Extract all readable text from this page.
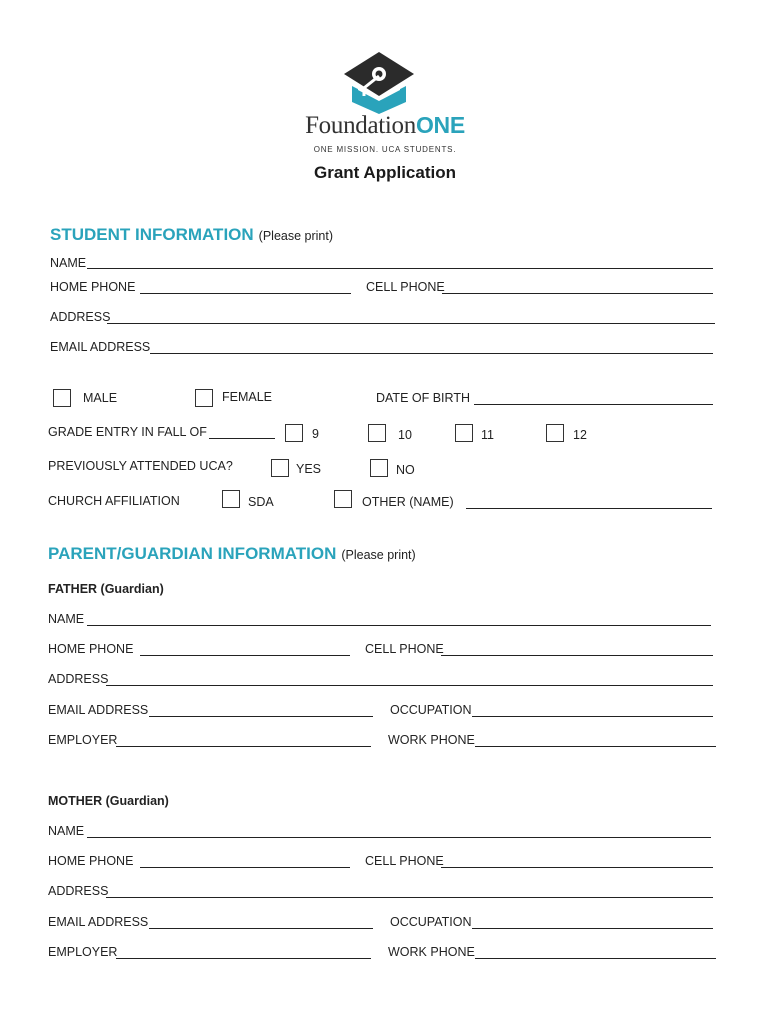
FoundationONE
ONE MISSION. UCA STUDENTS.
Grant Application
STUDENT INFORMATION (Please print)
NAME
HOME PHONE	CELL PHONE
ADDRESS
EMAIL ADDRESS
MALE	FEMALE	DATE OF BIRTH
GRADE ENTRY IN FALL OF	9	10	11	12
PREVIOUSLY ATTENDED UCA?	YES	NO
CHURCH AFFILIATION	SDA	OTHER (NAME)
PARENT/GUARDIAN INFORMATION (Please print)
FATHER (Guardian)
NAME
HOME PHONE	CELL PHONE
ADDRESS
EMAIL ADDRESS	OCCUPATION
EMPLOYER	WORK PHONE
MOTHER (Guardian)
NAME
HOME PHONE	CELL PHONE
ADDRESS
EMAIL ADDRESS	OCCUPATION
EMPLOYER	WORK PHONE
